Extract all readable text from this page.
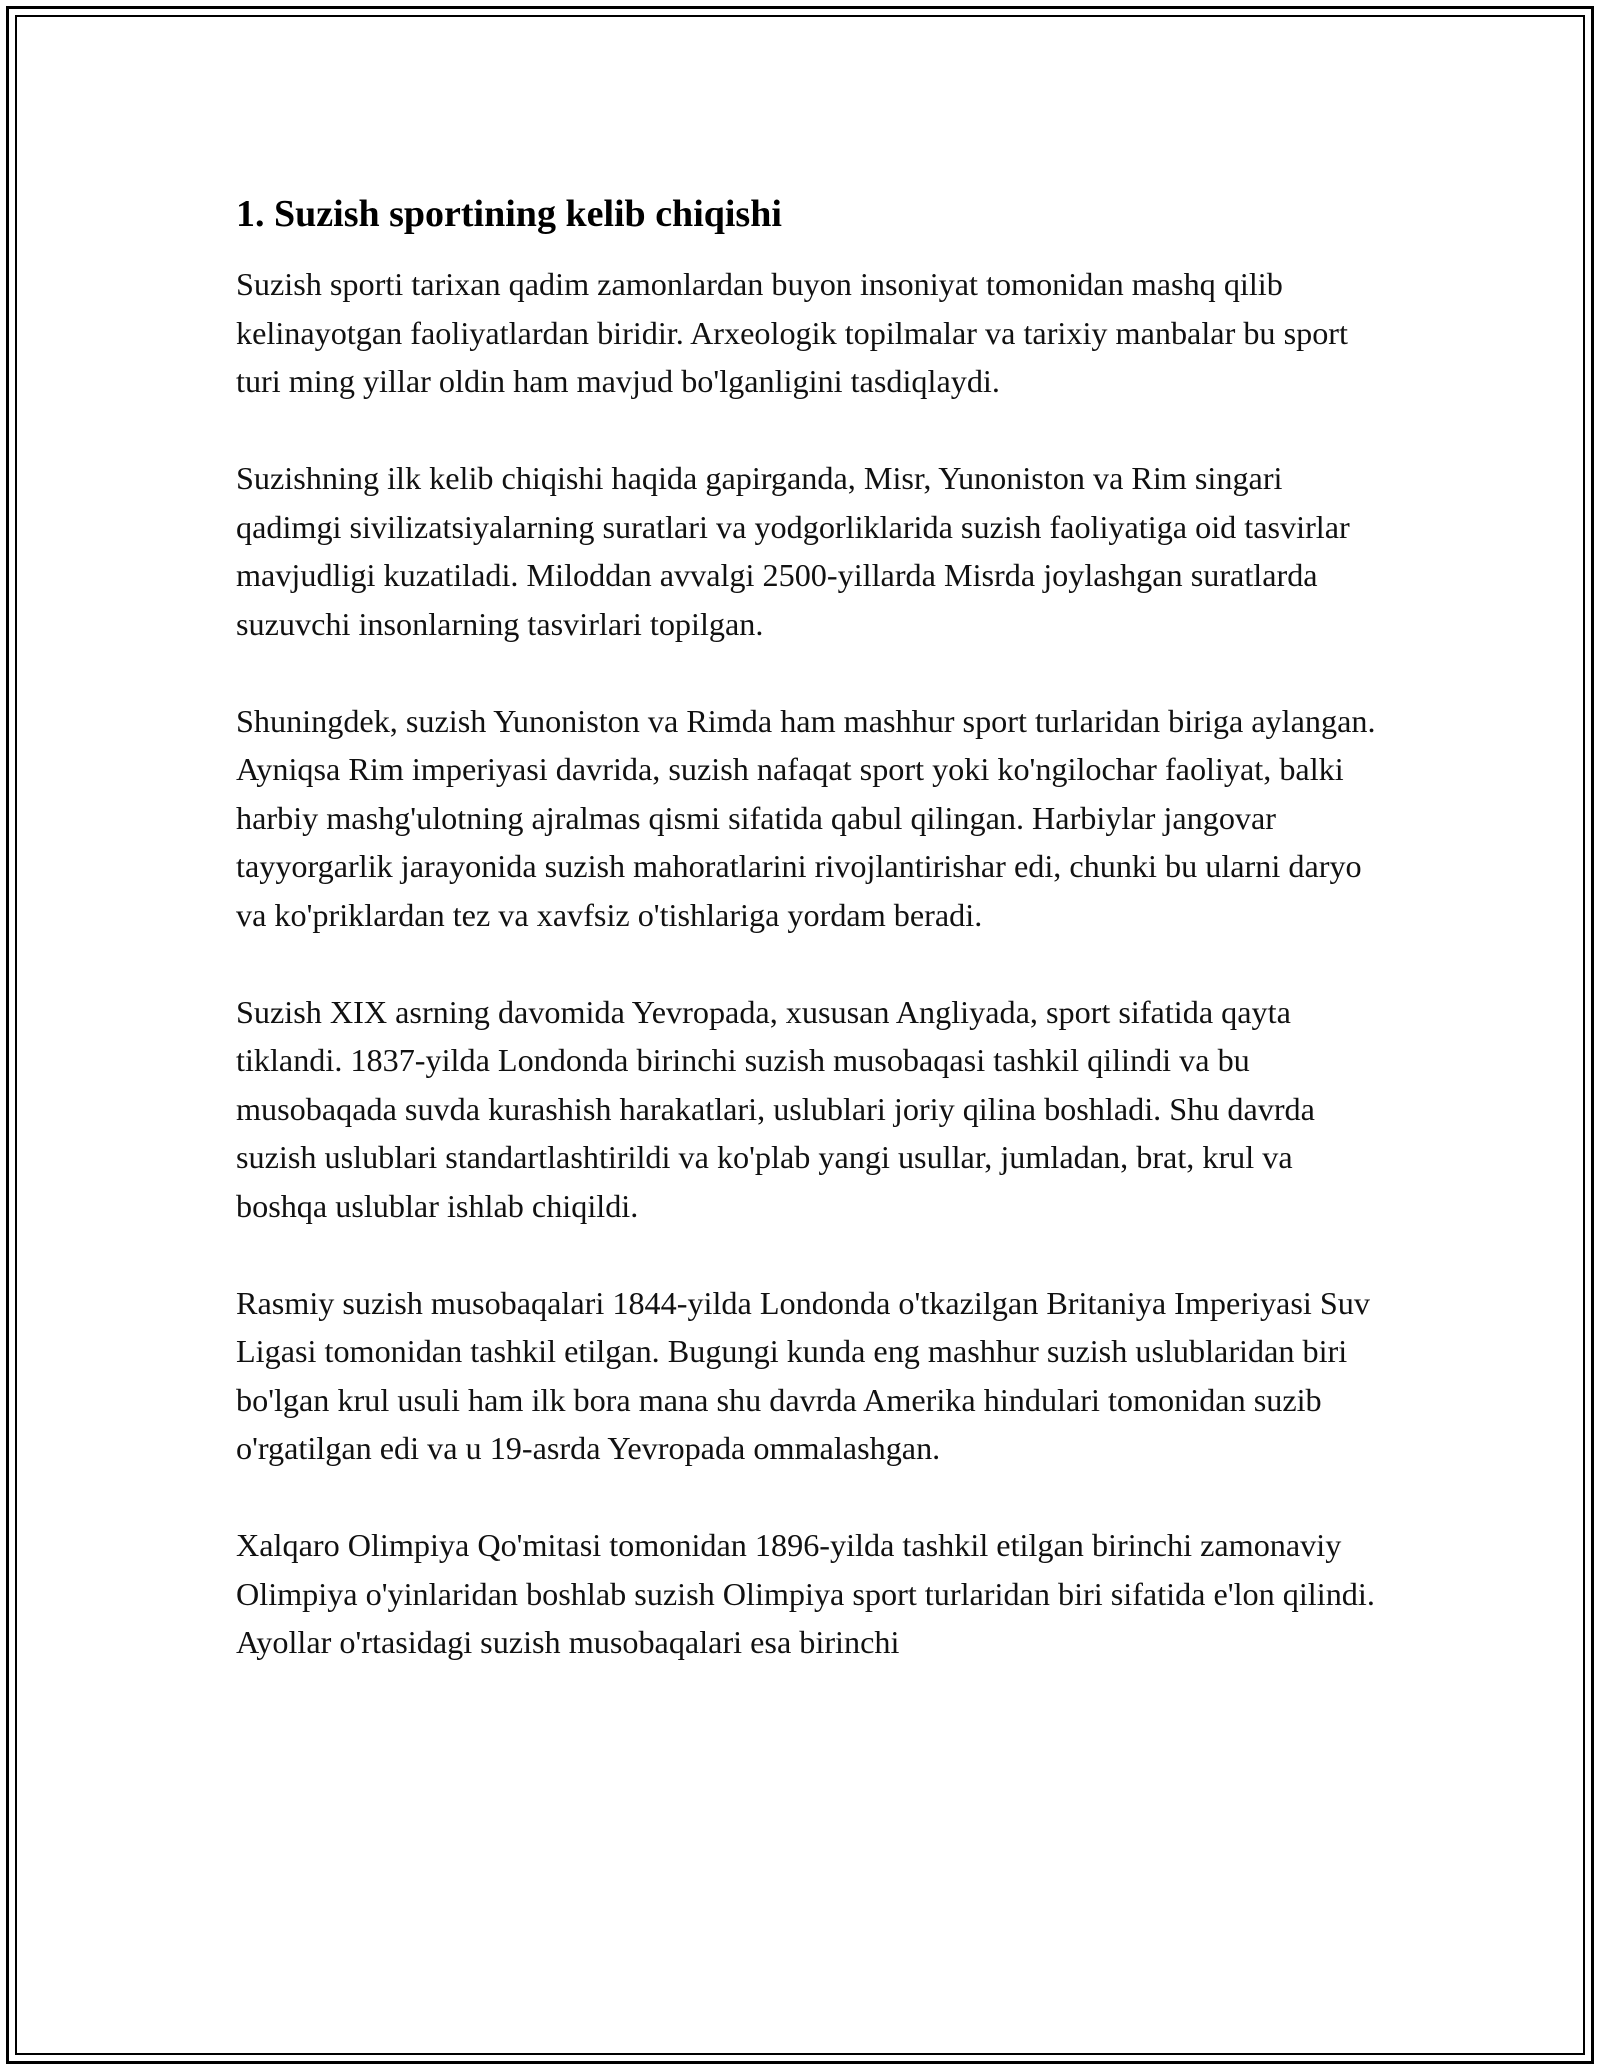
1. Suzish sportining kelib chiqishi

Suzish sporti tarixan qadim zamonlardan buyon insoniyat tomonidan mashq qilib kelinayotgan faoliyatlardan biridir. Arxeologik topilmalar va tarixiy manbalar bu sport turi ming yillar oldin ham mavjud bo'lganligini tasdiqlaydi.

Suzishning ilk kelib chiqishi haqida gapirganda, Misr, Yunoniston va Rim singari qadimgi sivilizatsiyalarning suratlari va yodgorliklarida suzish faoliyatiga oid tasvirlar mavjudligi kuzatiladi. Miloddan avvalgi 2500-yillarda Misrda joylashgan suratlarda suzuvchi insonlarning tasvirlari topilgan.

Shuningdek, suzish Yunoniston va Rimda ham mashhur sport turlaridan biriga aylangan. Ayniqsa Rim imperiyasi davrida, suzish nafaqat sport yoki ko'ngilochar faoliyat, balki harbiy mashg'ulotning ajralmas qismi sifatida qabul qilingan. Harbiylar jangovar tayyorgarlik jarayonida suzish mahoratlarini rivojlantirishar edi, chunki bu ularni daryo va ko'priklardan tez va xavfsiz o'tishlariga yordam beradi.

Suzish XIX asrning davomida Yevropada, xususan Angliyada, sport sifatida qayta tiklandi. 1837-yilda Londonda birinchi suzish musobaqasi tashkil qilindi va bu musobaqada suvda kurashish harakatlari, uslublari joriy qilina boshladi. Shu davrda suzish uslublari standartlashtirildi va ko'plab yangi usullar, jumladan, brat, krul va boshqa uslublar ishlab chiqildi.

Rasmiy suzish musobaqalari 1844-yilda Londonda o'tkazilgan Britaniya Imperiyasi Suv Ligasi tomonidan tashkil etilgan. Bugungi kunda eng mashhur suzish uslublaridan biri bo'lgan krul usuli ham ilk bora mana shu davrda Amerika hindulari tomonidan suzib o'rgatilgan edi va u 19-asrda Yevropada ommalashgan.

Xalqaro Olimpiya Qo'mitasi tomonidan 1896-yilda tashkil etilgan birinchi zamonaviy Olimpiya o'yinlaridan boshlab suzish Olimpiya sport turlaridan biri sifatida e'lon qilindi. Ayollar o'rtasidagi suzish musobaqalari esa birinchi
